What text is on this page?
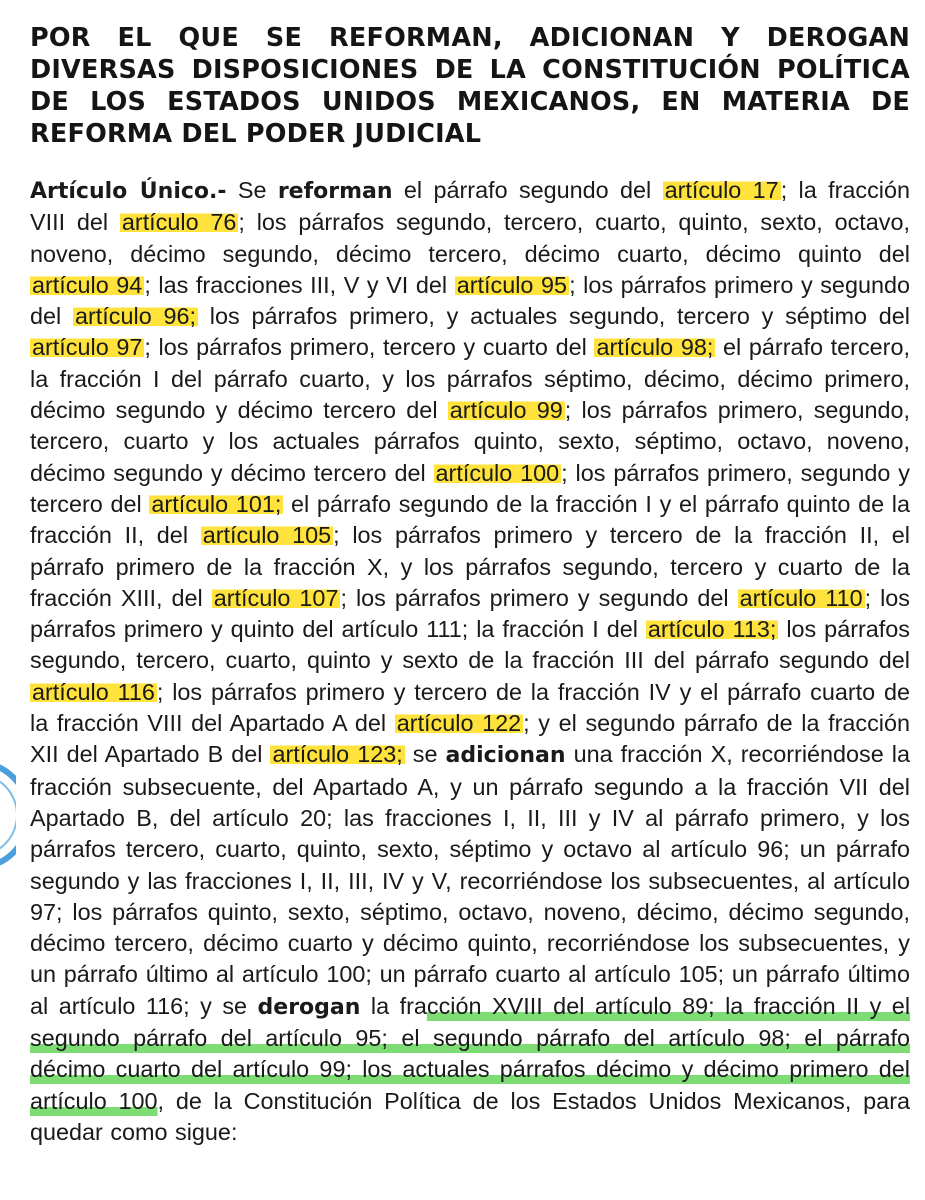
POR EL QUE SE REFORMAN, ADICIONAN Y DEROGAN DIVERSAS DISPOSICIONES DE LA CONSTITUCIÓN POLÍTICA DE LOS ESTADOS UNIDOS MEXICANOS, EN MATERIA DE REFORMA DEL PODER JUDICIAL
Artículo Único.- Se reforman el párrafo segundo del artículo 17; la fracción VIII del artículo 76; los párrafos segundo, tercero, cuarto, quinto, sexto, octavo, noveno, décimo segundo, décimo tercero, décimo cuarto, décimo quinto del artículo 94; las fracciones III, V y VI del artículo 95; los párrafos primero y segundo del artículo 96; los párrafos primero, y actuales segundo, tercero y séptimo del artículo 97; los párrafos primero, tercero y cuarto del artículo 98; el párrafo tercero, la fracción I del párrafo cuarto, y los párrafos séptimo, décimo, décimo primero, décimo segundo y décimo tercero del artículo 99; los párrafos primero, segundo, tercero, cuarto y los actuales párrafos quinto, sexto, séptimo, octavo, noveno, décimo segundo y décimo tercero del artículo 100; los párrafos primero, segundo y tercero del artículo 101; el párrafo segundo de la fracción I y el párrafo quinto de la fracción II, del artículo 105; los párrafos primero y tercero de la fracción II, el párrafo primero de la fracción X, y los párrafos segundo, tercero y cuarto de la fracción XIII, del artículo 107; los párrafos primero y segundo del artículo 110; los párrafos primero y quinto del artículo 111; la fracción I del artículo 113; los párrafos segundo, tercero, cuarto, quinto y sexto de la fracción III del párrafo segundo del artículo 116; los párrafos primero y tercero de la fracción IV y el párrafo cuarto de la fracción VIII del Apartado A del artículo 122; y el segundo párrafo de la fracción XII del Apartado B del artículo 123; se adicionan una fracción X, recorriéndose la fracción subsecuente, del Apartado A, y un párrafo segundo a la fracción VII del Apartado B, del artículo 20; las fracciones I, II, III y IV al párrafo primero, y los párrafos tercero, cuarto, quinto, sexto, séptimo y octavo al artículo 96; un párrafo segundo y las fracciones I, II, III, IV y V, recorriéndose los subsecuentes, al artículo 97; los párrafos quinto, sexto, séptimo, octavo, noveno, décimo, décimo segundo, décimo tercero, décimo cuarto y décimo quinto, recorriéndose los subsecuentes, y un párrafo último al artículo 100; un párrafo cuarto al artículo 105; un párrafo último al artículo 116; y se derogan la fracción XVIII del artículo 89; la fracción II y el segundo párrafo del artículo 95; el segundo párrafo del artículo 98; el párrafo décimo cuarto del artículo 99; los actuales párrafos décimo y décimo primero del artículo 100, de la Constitución Política de los Estados Unidos Mexicanos, para quedar como sigue:
